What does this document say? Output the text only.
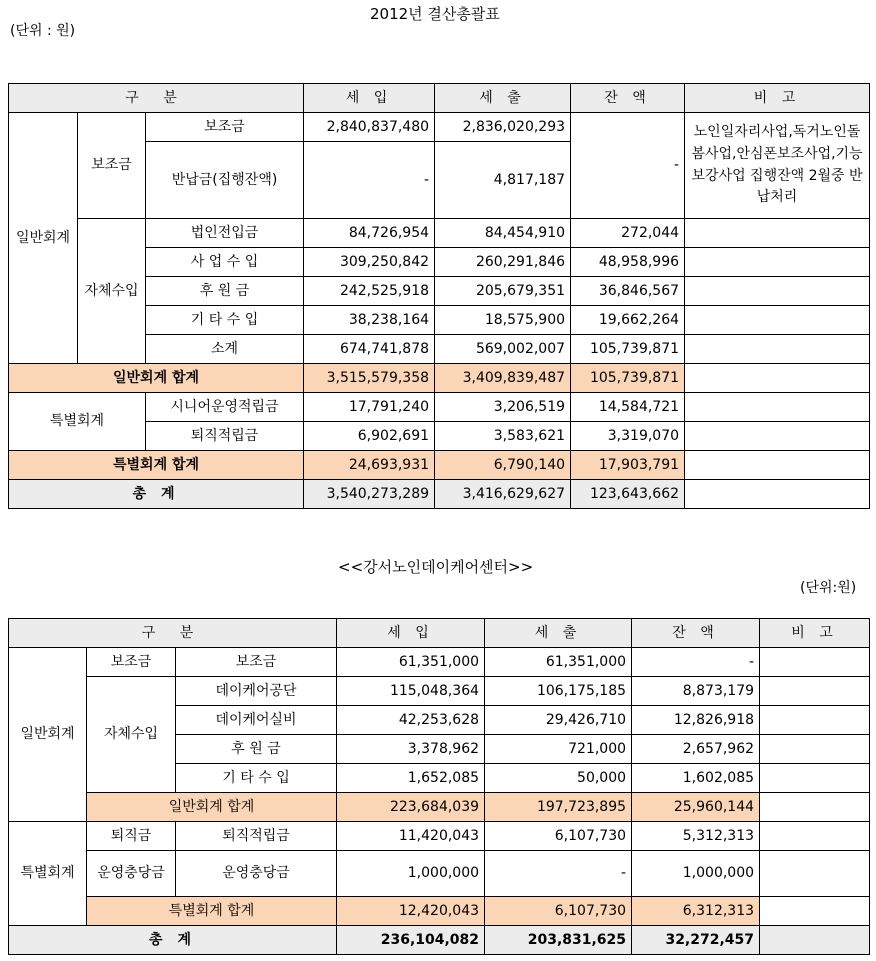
2012년 결산총괄표
(단위 : 원)
구 분			세 입	세 출	잔 액	비 고
일반회계	보조금	보조금	2,840,837,480	2,836,020,293	-	노인일자리사업,독거노인돌봄사업,안심폰보조사업,기능보강사업 집행잔액 2월중 반납처리
		반납금(집행잔액)	-	4,817,187		
	자체수입	법인전입금	84,726,954	84,454,910	272,044	
		사 업 수 입	309,250,842	260,291,846	48,958,996	
		후 원 금	242,525,918	205,679,351	36,846,567	
		기 타 수 입	38,238,164	18,575,900	19,662,264	
		소계	674,741,878	569,002,007	105,739,871	
일반회계 합계			3,515,579,358	3,409,839,487	105,739,871	
특별회계		시니어운영적립금	17,791,240	3,206,519	14,584,721	
		퇴직적립금	6,902,691	3,583,621	3,319,070	
특별회계 합계			24,693,931	6,790,140	17,903,791	
총 계			3,540,273,289	3,416,629,627	123,643,662	
<<강서노인데이케어센터>>
(단위:원)
구 분			세 입	세 출	잔 액	비 고
일반회계	보조금	보조금	61,351,000	61,351,000	-	
	자체수입	데이케어공단	115,048,364	106,175,185	8,873,179	
		데이케어실비	42,253,628	29,426,710	12,826,918	
		후 원 금	3,378,962	721,000	2,657,962	
		기 타 수 입	1,652,085	50,000	1,602,085	
	일반회계 합계		223,684,039	197,723,895	25,960,144	
특별회계	퇴직금	퇴직적립금	11,420,043	6,107,730	5,312,313	
	운영충당금	운영충당금	1,000,000	-	1,000,000	
	특별회계 합계		12,420,043	6,107,730	6,312,313	
총 계			236,104,082	203,831,625	32,272,457	
